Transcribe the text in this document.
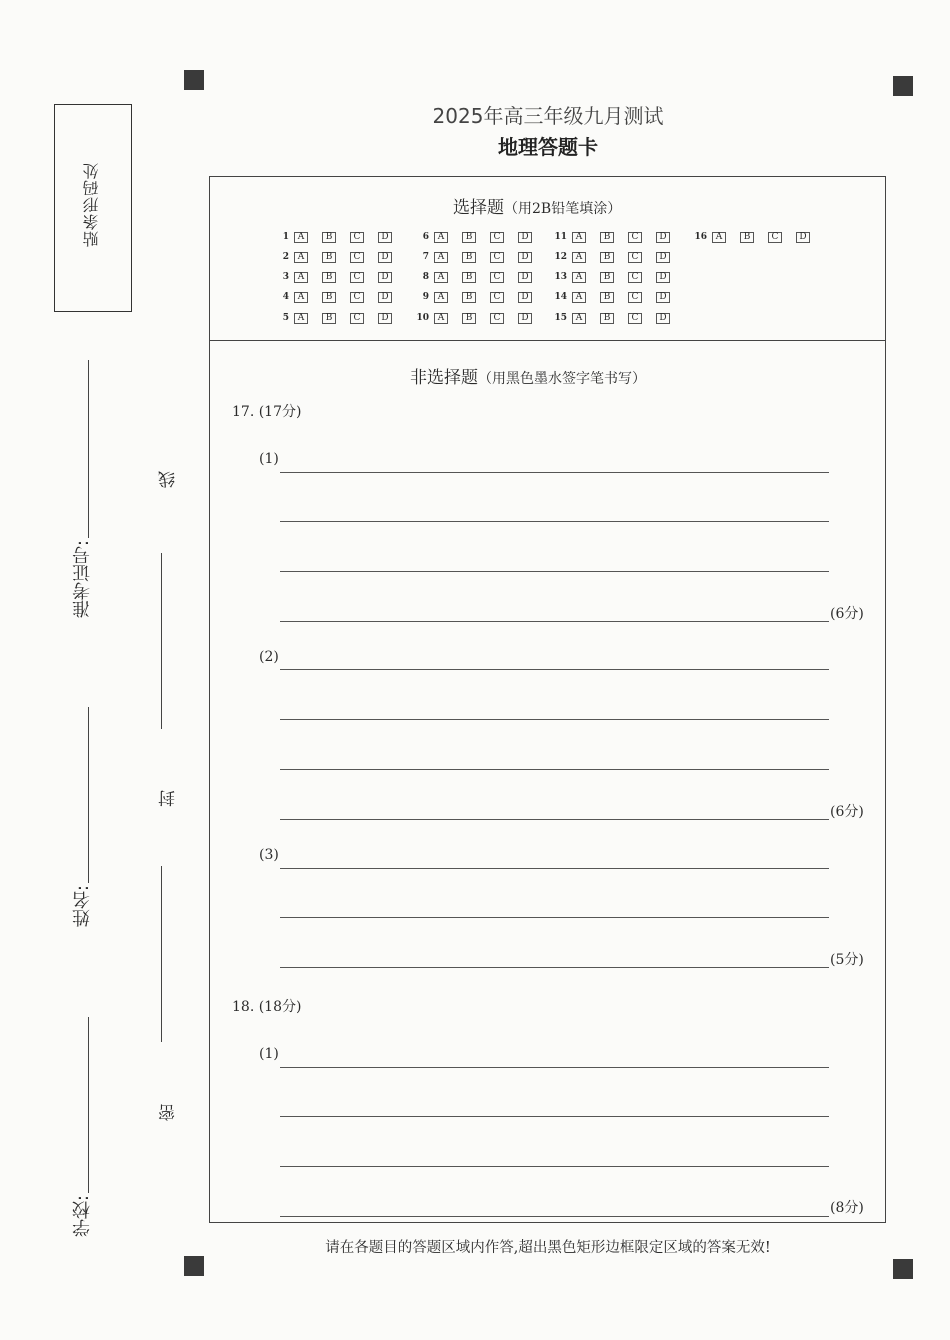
贴条形码处
准考证号:
姓名:
学校:
线
封
密
2025年高三年级九月测试
地理答题卡
选择题（用2B铅笔填涂）
1 A	B	C	D
2 A	B	C	D
3 A	B	C	D
4 A	B	C	D
5 A	B	C	D
6 A	B	C	D
7 A	B	C	D
8 A	B	C	D
9 A	B	C	D
10 A	B	C	D
11 A	B	C	D
12 A	B	C	D
13 A	B	C	D
14 A	B	C	D
15 A	B	C	D
16 A	B	C	D
非选择题（用黑色墨水签字笔书写）
17. (17分)
(1)
(6分)
(2)
(6分)
(3)
(5分)
18. (18分)
(1)
(8分)
请在各题目的答题区域内作答,超出黑色矩形边框限定区域的答案无效!
